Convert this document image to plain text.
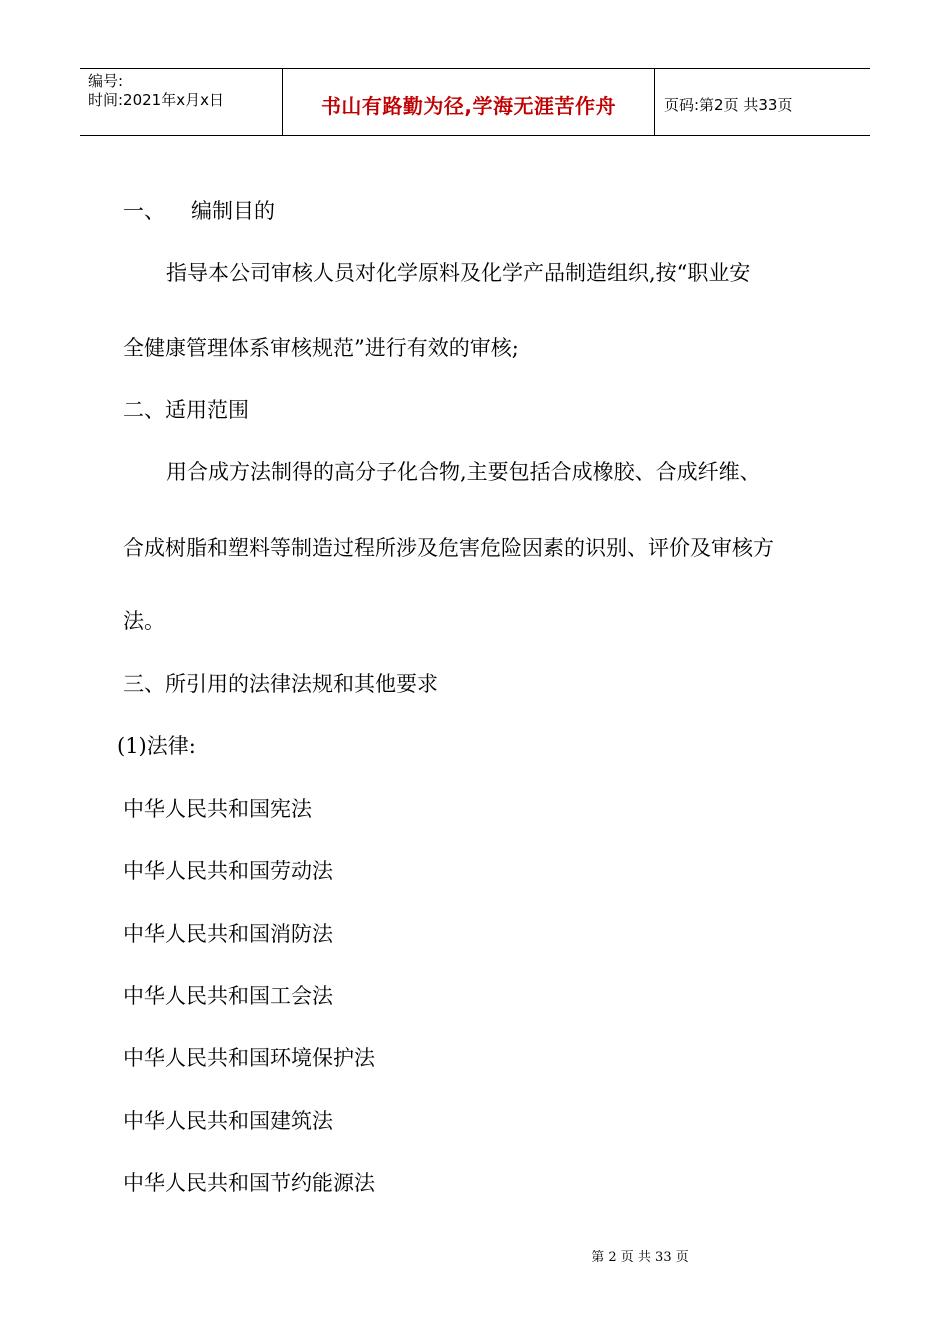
编号:
时间:2021年x月x日	书山有路勤为径,学海无涯苦作舟	页码:第2页 共33页
一、 编制目的
指导本公司审核人员对化学原料及化学产品制造组织,按“职业安
全健康管理体系审核规范”进行有效的审核;
二、适用范围
用合成方法制得的高分子化合物,主要包括合成橡胶、合成纤维、
合成树脂和塑料等制造过程所涉及危害危险因素的识别、评价及审核方
法。
三、所引用的法律法规和其他要求
(1)法律:
中华人民共和国宪法
中华人民共和国劳动法
中华人民共和国消防法
中华人民共和国工会法
中华人民共和国环境保护法
中华人民共和国建筑法
中华人民共和国节约能源法
第 2 页 共 33 页
